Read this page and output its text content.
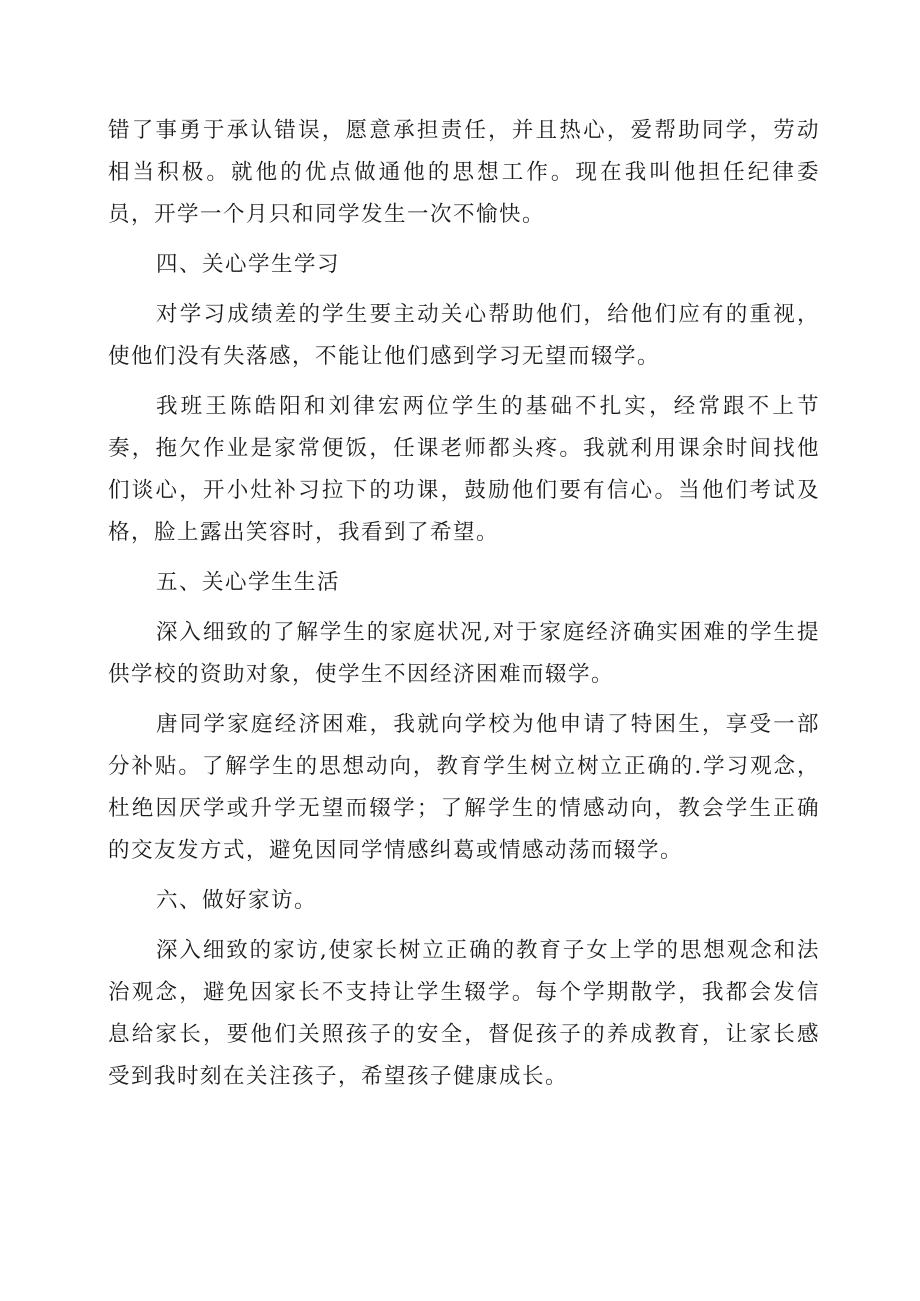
错了事勇于承认错误，愿意承担责任，并且热心，爱帮助同学，劳动相当积极。就他的优点做通他的思想工作。现在我叫他担任纪律委员，开学一个月只和同学发生一次不愉快。

四、关心学生学习

对学习成绩差的学生要主动关心帮助他们，给他们应有的重视，使他们没有失落感，不能让他们感到学习无望而辍学。

我班王陈皓阳和刘律宏两位学生的基础不扎实，经常跟不上节奏，拖欠作业是家常便饭，任课老师都头疼。我就利用课余时间找他们谈心，开小灶补习拉下的功课，鼓励他们要有信心。当他们考试及格，脸上露出笑容时，我看到了希望。

五、关心学生生活

深入细致的了解学生的家庭状况,对于家庭经济确实困难的学生提供学校的资助对象，使学生不因经济困难而辍学。

唐同学家庭经济困难，我就向学校为他申请了特困生，享受一部分补贴。了解学生的思想动向，教育学生树立树立正确的.学习观念，杜绝因厌学或升学无望而辍学；了解学生的情感动向，教会学生正确的交友发方式，避免因同学情感纠葛或情感动荡而辍学。

六、做好家访。

深入细致的家访,使家长树立正确的教育子女上学的思想观念和法治观念，避免因家长不支持让学生辍学。每个学期散学，我都会发信息给家长，要他们关照孩子的安全，督促孩子的养成教育，让家长感受到我时刻在关注孩子，希望孩子健康成长。
